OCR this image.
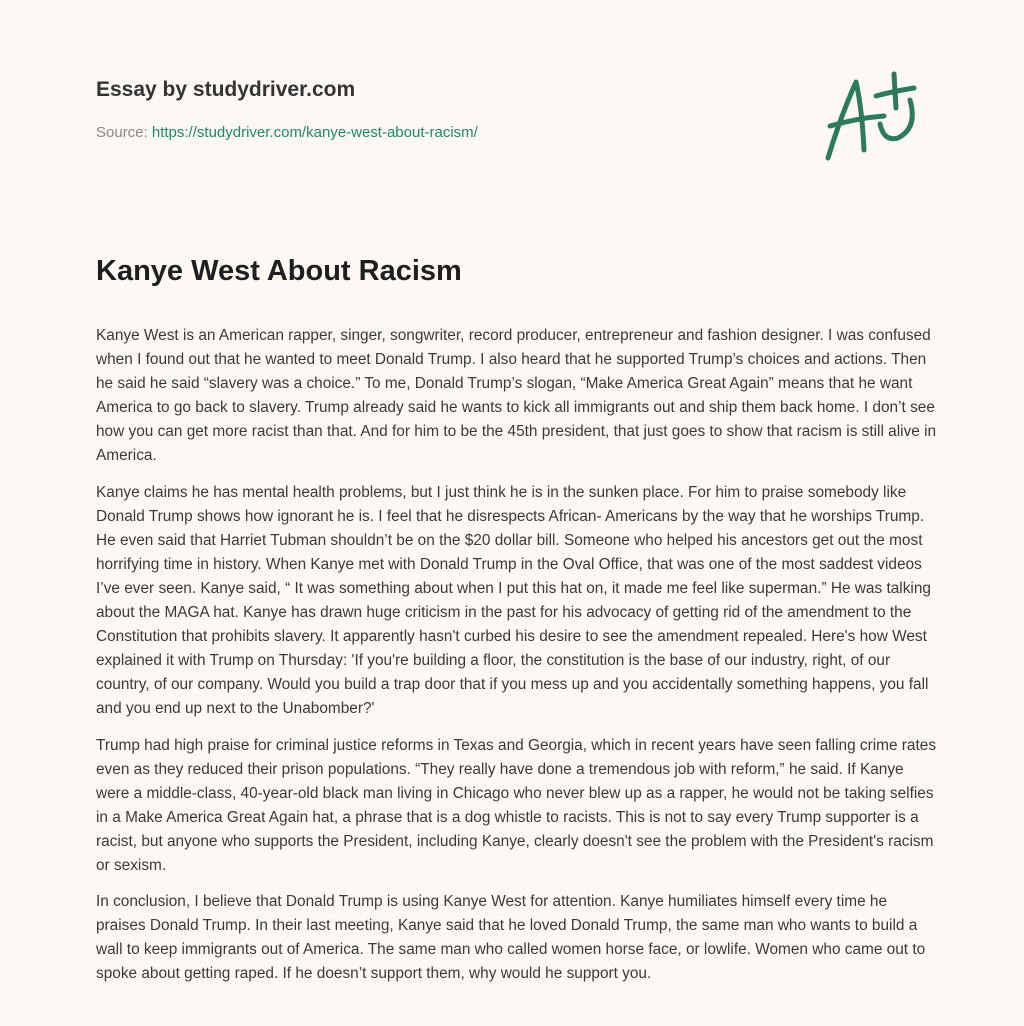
Essay by studydriver.com
Source: https://studydriver.com/kanye-west-about-racism/
Kanye West About Racism

Kanye West is an American rapper, singer, songwriter, record producer, entrepreneur and fashion designer. I was confused when I found out that he wanted to meet Donald Trump. I also heard that he supported Trump’s choices and actions. Then he said he said “slavery was a choice.” To me, Donald Trump’s slogan, “Make America Great Again” means that he want America to go back to slavery. Trump already said he wants to kick all immigrants out and ship them back home. I don’t see how you can get more racist than that. And for him to be the 45th president, that just goes to show that racism is still alive in America.

Kanye claims he has mental health problems, but I just think he is in the sunken place. For him to praise somebody like Donald Trump shows how ignorant he is. I feel that he disrespects African- Americans by the way that he worships Trump. He even said that Harriet Tubman shouldn’t be on the $20 dollar bill. Someone who helped his ancestors get out the most horrifying time in history. When Kanye met with Donald Trump in the Oval Office, that was one of the most saddest videos I’ve ever seen. Kanye said, “ It was something about when I put this hat on, it made me feel like superman.” He was talking about the MAGA hat. Kanye has drawn huge criticism in the past for his advocacy of getting rid of the amendment to the Constitution that prohibits slavery. It apparently hasn't curbed his desire to see the amendment repealed. Here's how West explained it with Trump on Thursday: 'If you're building a floor, the constitution is the base of our industry, right, of our country, of our company. Would you build a trap door that if you mess up and you accidentally something happens, you fall and you end up next to the Unabomber?'

Trump had high praise for criminal justice reforms in Texas and Georgia, which in recent years have seen falling crime rates even as they reduced their prison populations. “They really have done a tremendous job with reform,” he said. If Kanye were a middle-class, 40-year-old black man living in Chicago who never blew up as a rapper, he would not be taking selfies in a Make America Great Again hat, a phrase that is a dog whistle to racists. This is not to say every Trump supporter is a racist, but anyone who supports the President, including Kanye, clearly doesn't see the problem with the President's racism or sexism.

In conclusion, I believe that Donald Trump is using Kanye West for attention. Kanye humiliates himself every time he praises Donald Trump. In their last meeting, Kanye said that he loved Donald Trump, the same man who wants to build a wall to keep immigrants out of America. The same man who called women horse face, or lowlife. Women who came out to spoke about getting raped. If he doesn’t support them, why would he support you.
